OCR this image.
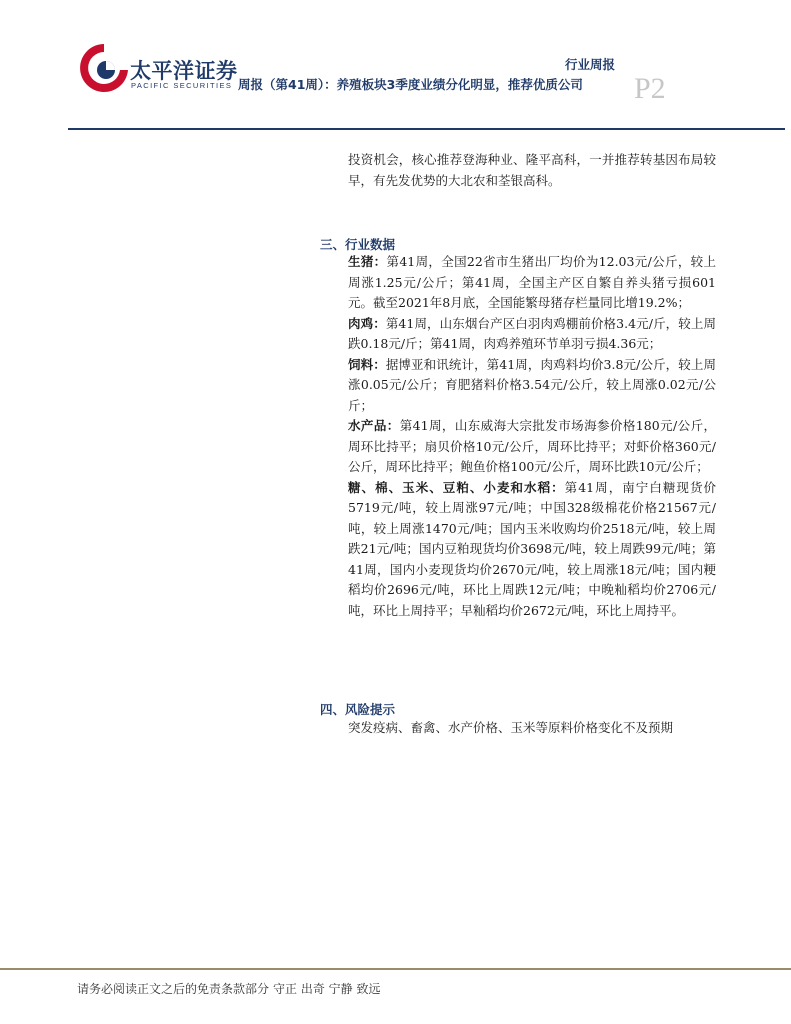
太平洋证券
PACIFIC SECURITIES
行业周报
周报（第41周）：养殖板块3季度业绩分化明显，推荐优质公司 P2

投资机会，核心推荐登海种业、隆平高科，一并推荐转基因布局较早，有先发优势的大北农和荃银高科。

三、行业数据

生猪：第41周，全国22省市生猪出厂均价为12.03元/公斤，较上周涨1.25元/公斤；第41周，全国主产区自繁自养头猪亏损601元。截至2021年8月底，全国能繁母猪存栏量同比增19.2%；

肉鸡：第41周，山东烟台产区白羽肉鸡棚前价格3.4元/斤，较上周跌0.18元/斤；第41周，肉鸡养殖环节单羽亏损4.36元；

饲料：据博亚和讯统计，第41周，肉鸡料均价3.8元/公斤，较上周涨0.05元/公斤；育肥猪料价格3.54元/公斤，较上周涨0.02元/公斤；

水产品：第41周，山东威海大宗批发市场海参价格180元/公斤，周环比持平；扇贝价格10元/公斤，周环比持平；对虾价格360元/公斤，周环比持平；鲍鱼价格100元/公斤，周环比跌10元/公斤；

糖、棉、玉米、豆粕、小麦和水稻：第41周，南宁白糖现货价5719元/吨，较上周涨97元/吨；中国328级棉花价格21567元/吨，较上周涨1470元/吨；国内玉米收购均价2518元/吨，较上周跌21元/吨；国内豆粕现货均价3698元/吨，较上周跌99元/吨；第41周，国内小麦现货均价2670元/吨，较上周涨18元/吨；国内粳稻均价2696元/吨，环比上周跌12元/吨；中晚籼稻均价2706元/吨，环比上周持平；早籼稻均价2672元/吨，环比上周持平。

四、风险提示

突发疫病、畜禽、水产价格、玉米等原料价格变化不及预期

请务必阅读正文之后的免责条款部分 守正 出奇 宁静 致远
